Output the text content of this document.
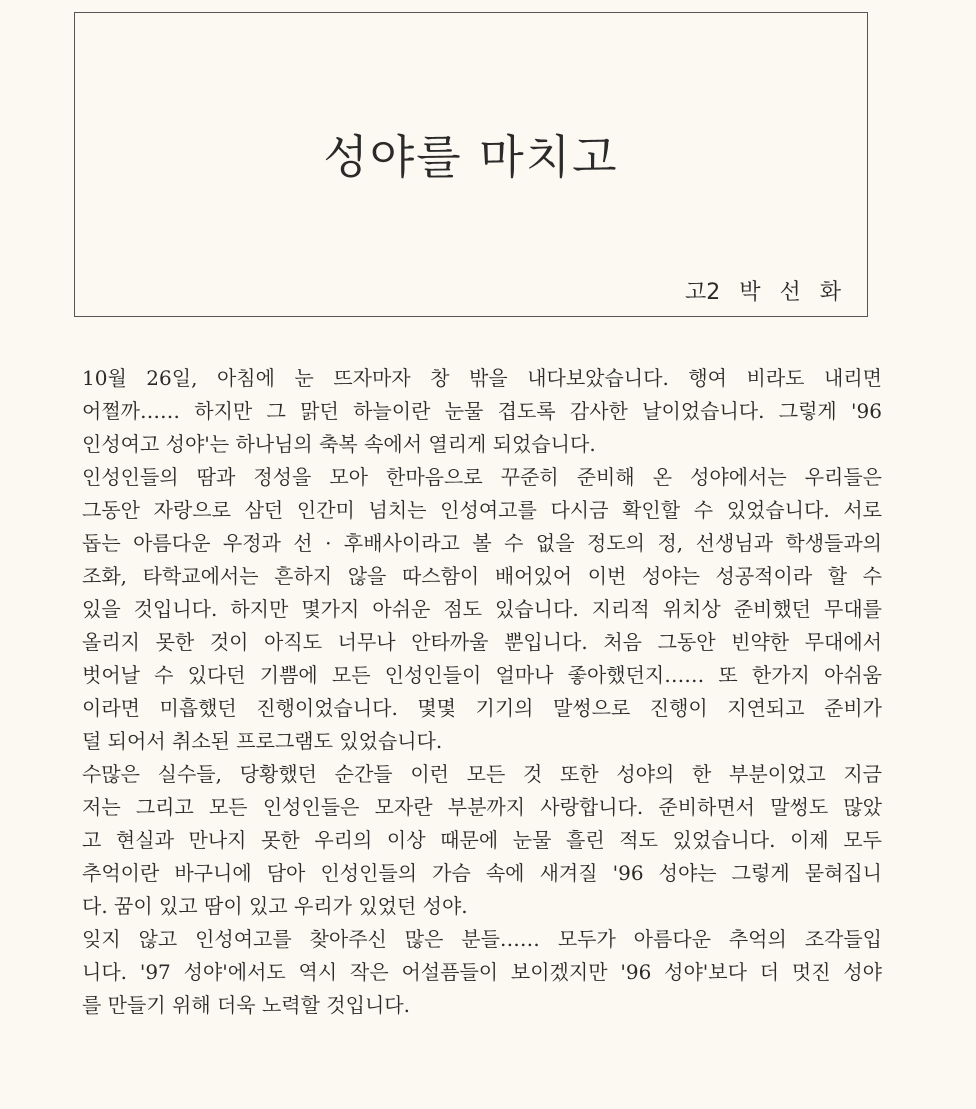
성야를 마치고
고2 박 선 화
10월 26일, 아침에 눈 뜨자마자 창 밖을 내다보았습니다. 행여 비라도 내리면
어쩔까…… 하지만 그 맑던 하늘이란 눈물 겹도록 감사한 날이었습니다. 그렇게 '96
인성여고 성야'는 하나님의 축복 속에서 열리게 되었습니다.
인성인들의 땀과 정성을 모아 한마음으로 꾸준히 준비해 온 성야에서는 우리들은
그동안 자랑으로 삼던 인간미 넘치는 인성여고를 다시금 확인할 수 있었습니다. 서로
돕는 아름다운 우정과 선 · 후배사이라고 볼 수 없을 정도의 정, 선생님과 학생들과의
조화, 타학교에서는 흔하지 않을 따스함이 배어있어 이번 성야는 성공적이라 할 수
있을 것입니다. 하지만 몇가지 아쉬운 점도 있습니다. 지리적 위치상 준비했던 무대를
올리지 못한 것이 아직도 너무나 안타까울 뿐입니다. 처음 그동안 빈약한 무대에서
벗어날 수 있다던 기쁨에 모든 인성인들이 얼마나 좋아했던지…… 또 한가지 아쉬움
이라면 미흡했던 진행이었습니다. 몇몇 기기의 말썽으로 진행이 지연되고 준비가
덜 되어서 취소된 프로그램도 있었습니다.
수많은 실수들, 당황했던 순간들 이런 모든 것 또한 성야의 한 부분이었고 지금
저는 그리고 모든 인성인들은 모자란 부분까지 사랑합니다. 준비하면서 말썽도 많았
고 현실과 만나지 못한 우리의 이상 때문에 눈물 흘린 적도 있었습니다. 이제 모두
추억이란 바구니에 담아 인성인들의 가슴 속에 새겨질 '96 성야는 그렇게 묻혀집니
다. 꿈이 있고 땀이 있고 우리가 있었던 성야.
잊지 않고 인성여고를 찾아주신 많은 분들…… 모두가 아름다운 추억의 조각들입
니다. '97 성야'에서도 역시 작은 어설픔들이 보이겠지만 '96 성야'보다 더 멋진 성야
를 만들기 위해 더욱 노력할 것입니다.
